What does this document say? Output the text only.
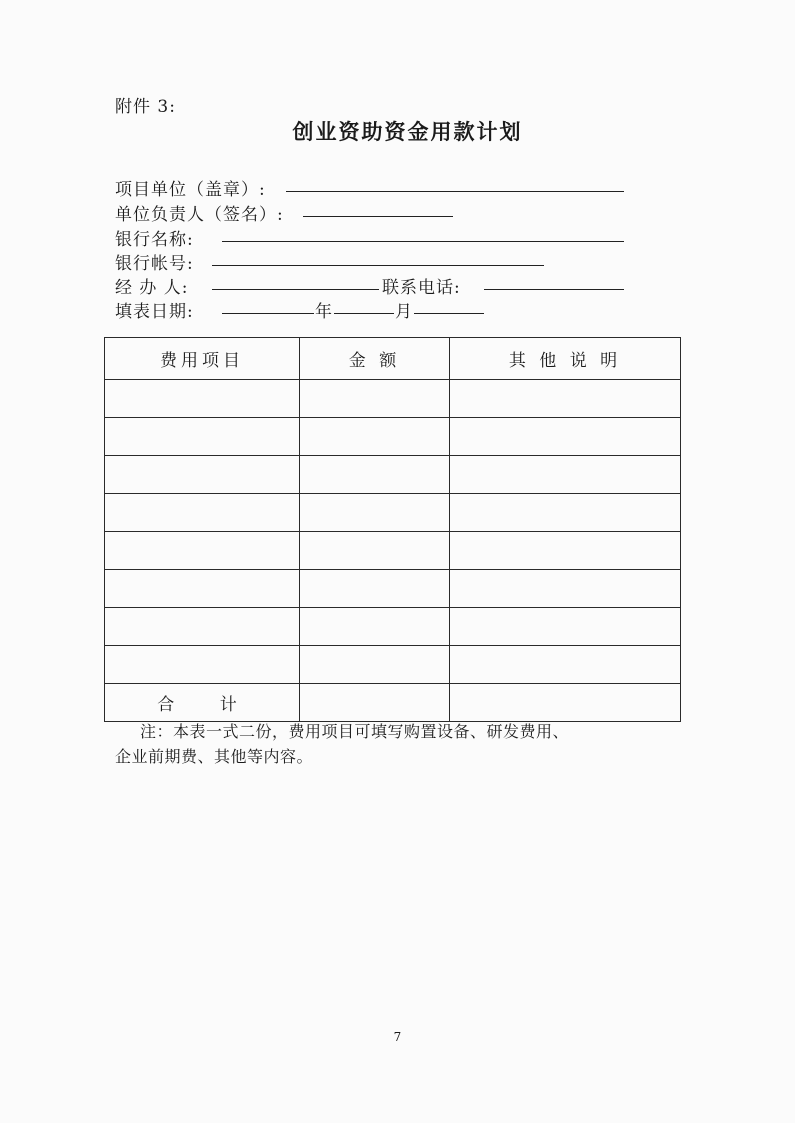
附件 3:
创业资助资金用款计划
项目单位（盖章）:
单位负责人（签名）:
银行名称:
银行帐号:
经 办 人:	联系电话:
填表日期:	年	月
费用项目	金 额	其 他 说 明

合 计		
注：本表一式二份，费用项目可填写购置设备、研发费用、
企业前期费、其他等内容。
7
